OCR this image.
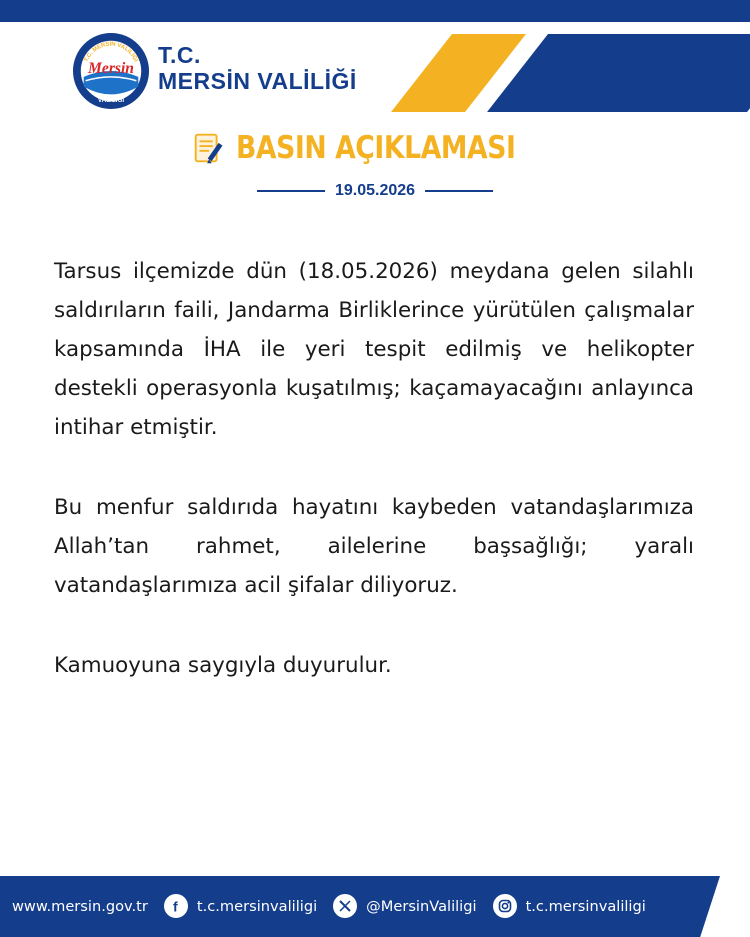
T.C. MERSİN VALİLİĞİ
Mersin
VALİLİĞİ
T.C.
MERSİN VALİLİĞİ
BASIN AÇIKLAMASI
19.05.2026

Tarsus ilçemizde dün (18.05.2026) meydana gelen silahlı saldırıların faili, Jandarma Birliklerince yürütülen çalışmalar kapsamında İHA ile yeri tespit edilmiş ve helikopter destekli operasyonla kuşatılmış; kaçamayacağını anlayınca intihar etmiştir.

Bu menfur saldırıda hayatını kaybeden vatandaşlarımıza Allah’tan rahmet, ailelerine başsağlığı; yaralı vatandaşlarımıza acil şifalar diliyoruz.

Kamuoyuna saygıyla duyurulur.

www.mersin.gov.tr f t.c.mersinvaliligi	@MersinValiligi	t.c.mersinvaliligi
